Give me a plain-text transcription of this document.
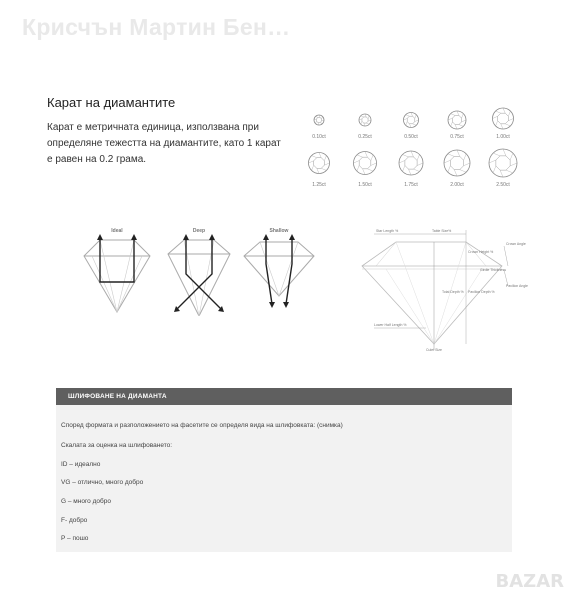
Крисчън Мартин Бен…
Карат на диамантите
Карат е метричната единица, използвана при определяне тежестта на диамантите, като 1 карат е равен на 0.2 грама.
0.10ct	0.25ct	0.50ct	0.75ct	1.00ct
1.25ct	1.50ct	1.75ct	2.00ct	2.50ct
Ideal	Deep	Shallow	Star Length %	Table Size%
Crown Angle
Crown Height %
Girdle Thickness
Pavilion Angle
Total Depth % Pavilion Depth %
Lower Half Length %
Culet Size
ШЛИФОВАНЕ НА ДИАМАНТА
Според формата и разположението на фасетите се определя вида на шлифовката: (снимка)
Скалата за оценка на шлифоването:
ID – идеално
VG – отлично, много добро
G – много добро
F- добро
P – пошо
BAZAR
